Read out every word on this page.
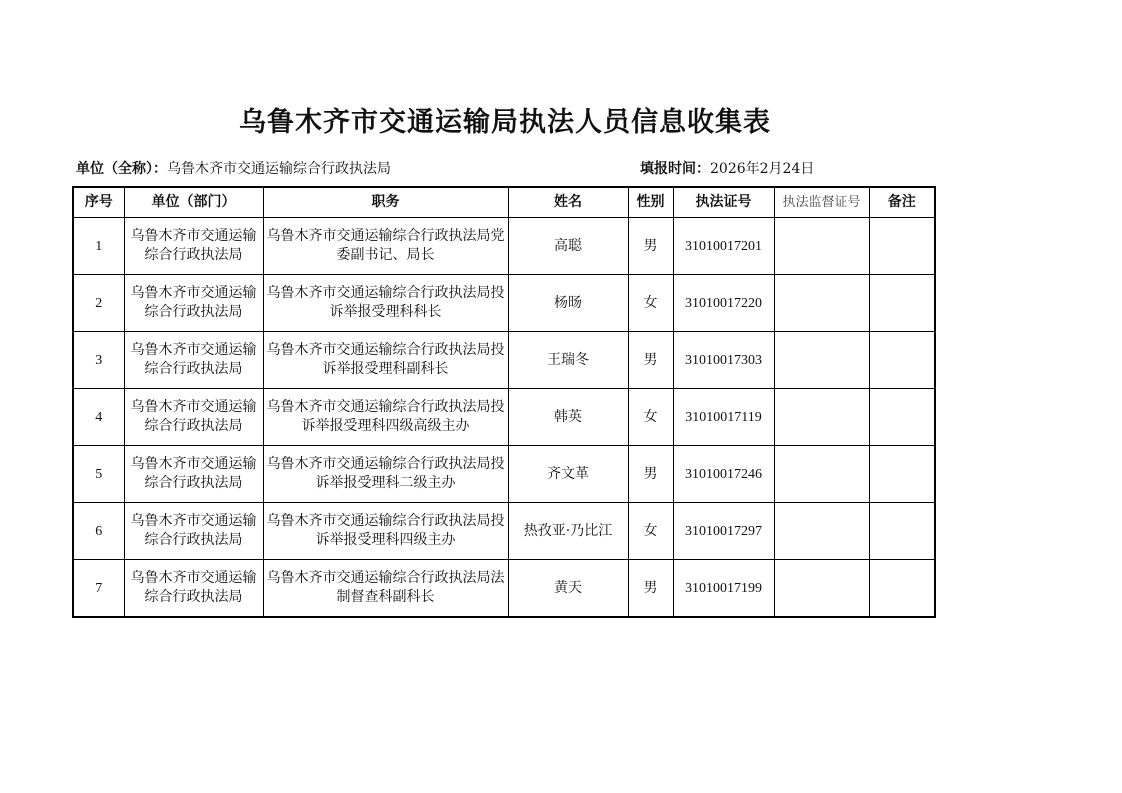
乌鲁木齐市交通运输局执法人员信息收集表
单位（全称）：乌鲁木齐市交通运输综合行政执法局	填报时间：2026年2月24日
序号	单位（部门）	职务	姓名	性别	执法证号	执法监督证号	备注
1	乌鲁木齐市交通运输综合行政执法局	乌鲁木齐市交通运输综合行政执法局党委副书记、局长	高聪	男	31010017201		
2	乌鲁木齐市交通运输综合行政执法局	乌鲁木齐市交通运输综合行政执法局投诉举报受理科科长	杨旸	女	31010017220		
3	乌鲁木齐市交通运输综合行政执法局	乌鲁木齐市交通运输综合行政执法局投诉举报受理科副科长	王瑞冬	男	31010017303		
4	乌鲁木齐市交通运输综合行政执法局	乌鲁木齐市交通运输综合行政执法局投诉举报受理科四级高级主办	韩英	女	31010017119		
5	乌鲁木齐市交通运输综合行政执法局	乌鲁木齐市交通运输综合行政执法局投诉举报受理科二级主办	齐文革	男	31010017246		
6	乌鲁木齐市交通运输综合行政执法局	乌鲁木齐市交通运输综合行政执法局投诉举报受理科四级主办	热孜亚·乃比江	女	31010017297		
7	乌鲁木齐市交通运输综合行政执法局	乌鲁木齐市交通运输综合行政执法局法制督查科副科长	黄天	男	31010017199		
